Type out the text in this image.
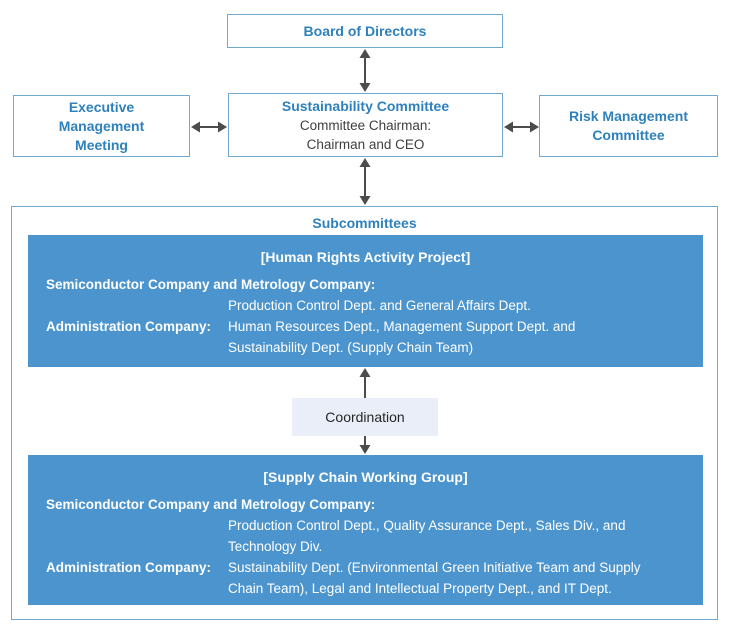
Board of Directors
Executive
Management
Meeting
Sustainability Committee
Committee Chairman:
Chairman and CEO
Risk Management
Committee
Subcommittees
[Human Rights Activity Project]
Semiconductor Company and Metrology Company:
Production Control Dept. and General Affairs Dept.
Administration Company: Human Resources Dept., Management Support Dept. and
Sustainability Dept. (Supply Chain Team)
Coordination
[Supply Chain Working Group]
Semiconductor Company and Metrology Company:
Production Control Dept., Quality Assurance Dept., Sales Div., and
Technology Div.
Administration Company: Sustainability Dept. (Environmental Green Initiative Team and Supply
Chain Team), Legal and Intellectual Property Dept., and IT Dept.
